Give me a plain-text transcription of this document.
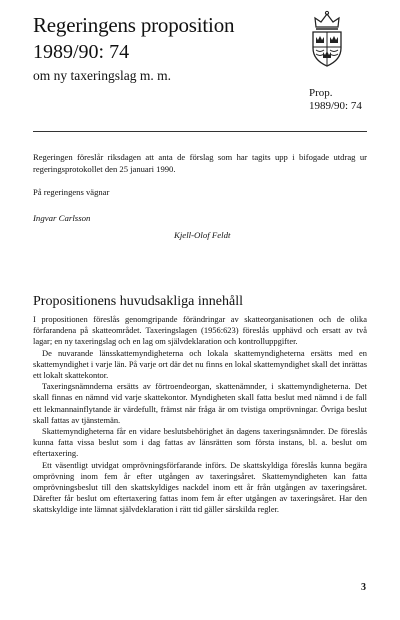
Regeringens proposition
1989/90: 74
om ny taxeringslag m. m.
Prop.
1989/90: 74
Regeringen föreslår riksdagen att anta de förslag som har tagits upp i bifogade utdrag ur regeringsprotokollet den 25 januari 1990.
På regeringens vägnar
Ingvar Carlsson
Kjell-Olof Feldt
Propositionens huvudsakliga innehåll

I propositionen föreslås genomgripande förändringar av skatteorganisationen och de olika förfarandena på skatteområdet. Taxeringslagen (1956:623) föreslås upphävd och ersatt av två lagar; en ny taxeringslag och en lag om självdeklaration och kontrolluppgifter.

De nuvarande länsskattemyndigheterna och lokala skattemyndigheterna ersätts med en skattemyndighet i varje län. På varje ort där det nu finns en lokal skattemyndighet skall det inrättas ett lokalt skattekontor.

Taxeringsnämnderna ersätts av förtroendeorgan, skattenämnder, i skattemyndigheterna. Det skall finnas en nämnd vid varje skattekontor. Myndigheten skall fatta beslut med nämnd i de fall ett lekmannainflytande är värdefullt, främst när fråga är om tvistiga omprövningar. Övriga beslut skall fattas av tjänstemän.

Skattemyndigheterna får en vidare beslutsbehörighet än dagens taxeringsnämnder. De föreslås kunna fatta vissa beslut som i dag fattas av länsrätten som första instans, bl. a. beslut om eftertaxering.

Ett väsentligt utvidgat omprövningsförfarande införs. De skattskyldiga föreslås kunna begära omprövning inom fem år efter utgången av taxeringsåret. Skattemyndigheten kan fatta omprövningsbeslut till den skattskyldiges nackdel inom ett år från utgången av taxeringsåret. Därefter får beslut om eftertaxering fattas inom fem år efter utgången av taxeringsåret. Har den skattskyldige inte lämnat självdeklaration i rätt tid gäller särskilda regler.

3
